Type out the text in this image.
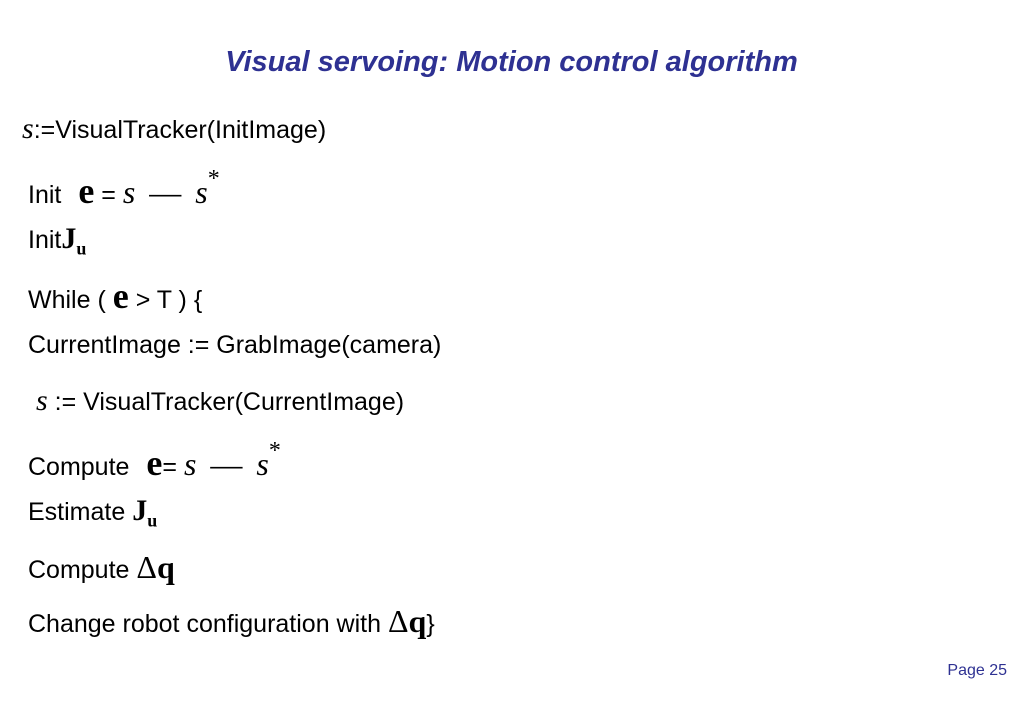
Visual servoing: Motion control algorithm
s:=VisualTracker(InitImage)
Init e = s — s*
InitJ$_u$
While ( e > T ) {
CurrentImage := GrabImage(camera)
s := VisualTracker(CurrentImage)
Compute e= s — s*
Estimate $J_u$
Compute Δq
Change robot configuration with Δq}
Page 25
